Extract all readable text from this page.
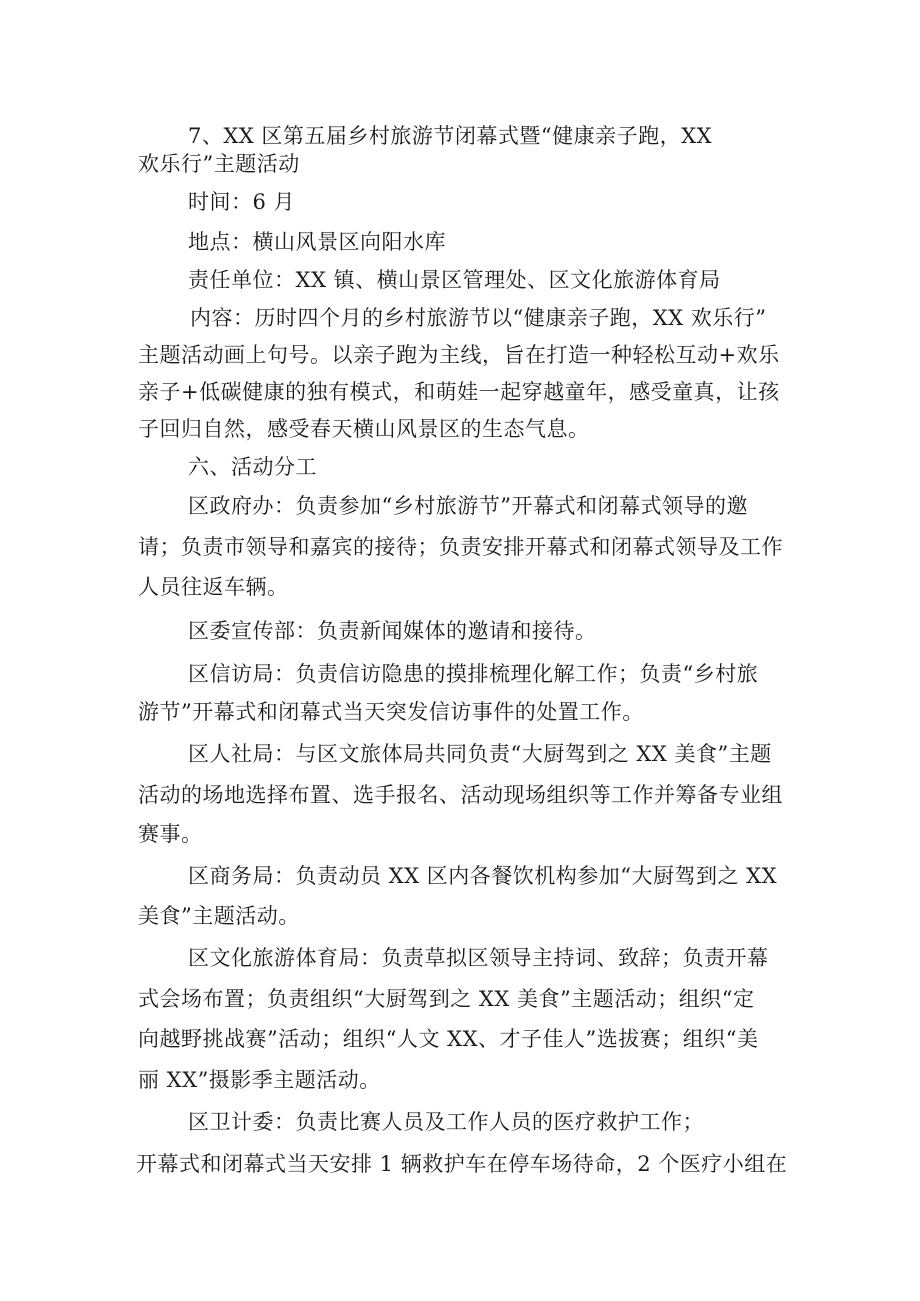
7、XX 区第五届乡村旅游节闭幕式暨“健康亲子跑，XX
欢乐行”主题活动
时间：6 月
地点：横山风景区向阳水库
责任单位：XX 镇、横山景区管理处、区文化旅游体育局
内容：历时四个月的乡村旅游节以“健康亲子跑，XX 欢乐行”
主题活动画上句号。以亲子跑为主线，旨在打造一种轻松互动+欢乐
亲子+低碳健康的独有模式，和萌娃一起穿越童年，感受童真，让孩
子回归自然，感受春天横山风景区的生态气息。
六、活动分工
区政府办：负责参加“乡村旅游节”开幕式和闭幕式领导的邀
请；负责市领导和嘉宾的接待；负责安排开幕式和闭幕式领导及工作
人员往返车辆。
区委宣传部：负责新闻媒体的邀请和接待。
区信访局：负责信访隐患的摸排梳理化解工作；负责“乡村旅
游节”开幕式和闭幕式当天突发信访事件的处置工作。
区人社局：与区文旅体局共同负责“大厨驾到之 XX 美食”主题
活动的场地选择布置、选手报名、活动现场组织等工作并筹备专业组
赛事。
区商务局：负责动员 XX 区内各餐饮机构参加“大厨驾到之 XX
美食”主题活动。
区文化旅游体育局：负责草拟区领导主持词、致辞；负责开幕
式会场布置；负责组织“大厨驾到之 XX 美食”主题活动；组织“定
向越野挑战赛”活动；组织“人文 XX、才子佳人”选拔赛；组织“美
丽 XX”摄影季主题活动。
区卫计委：负责比赛人员及工作人员的医疗救护工作；
开幕式和闭幕式当天安排 1 辆救护车在停车场待命，2 个医疗小组在
